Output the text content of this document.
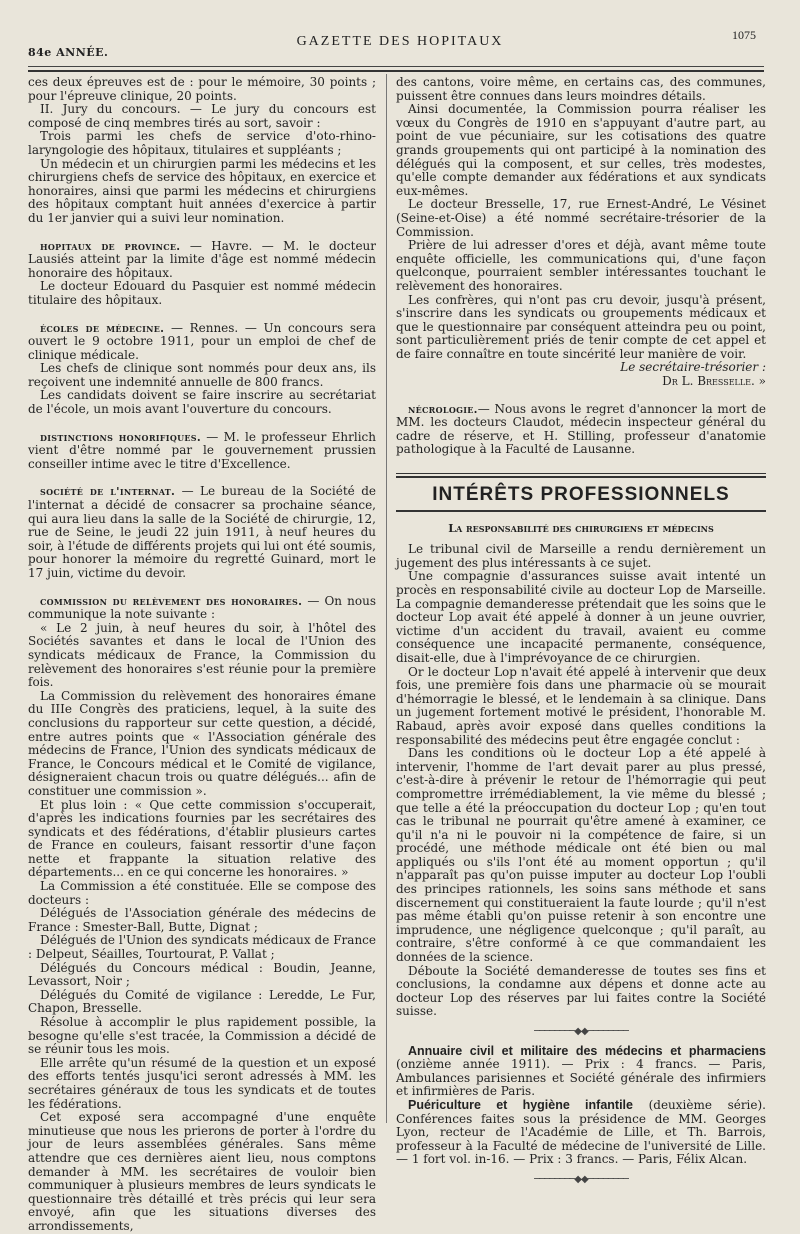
84e ANNÉE.
GAZETTE DES HOPITAUX	1075

ces deux épreuves est de : pour le mémoire, 30 points ; pour l'épreuve clinique, 20 points.

II. Jury du concours. — Le jury du concours est composé de cinq membres tirés au sort, savoir :

Trois parmi les chefs de service d'oto-rhino-laryngologie des hôpitaux, titulaires et suppléants ;

Un médecin et un chirurgien parmi les médecins et les chirurgiens chefs de service des hôpitaux, en exercice et honoraires, ainsi que parmi les médecins et chirurgiens des hôpitaux comptant huit années d'exercice à partir du 1er janvier qui a suivi leur nomination.

hopitaux de province. — Havre. — M. le docteur Lausiés atteint par la limite d'âge est nommé médecin honoraire des hôpitaux.

Le docteur Edouard du Pasquier est nommé médecin titulaire des hôpitaux.

écoles de médecine. — Rennes. — Un concours sera ouvert le 9 octobre 1911, pour un emploi de chef de clinique médicale.

Les chefs de clinique sont nommés pour deux ans, ils reçoivent une indemnité annuelle de 800 francs.

Les candidats doivent se faire inscrire au secrétariat de l'école, un mois avant l'ouverture du concours.

distinctions honorifiques. — M. le professeur Ehrlich vient d'être nommé par le gouvernement prussien conseiller intime avec le titre d'Excellence.

société de l'internat. — Le bureau de la Société de l'internat a décidé de consacrer sa prochaine séance, qui aura lieu dans la salle de la Société de chirurgie, 12, rue de Seine, le jeudi 22 juin 1911, à neuf heures du soir, à l'étude de différents projets qui lui ont été soumis, pour honorer la mémoire du regretté Guinard, mort le 17 juin, victime du devoir.

commission du relèvement des honoraires. — On nous communique la note suivante :

« Le 2 juin, à neuf heures du soir, à l'hôtel des Sociétés savantes et dans le local de l'Union des syndicats médicaux de France, la Commission du relèvement des honoraires s'est réunie pour la première fois.

La Commission du relèvement des honoraires émane du IIIe Congrès des praticiens, lequel, à la suite des conclusions du rapporteur sur cette question, a décidé, entre autres points que « l'Association générale des médecins de France, l'Union des syndicats médicaux de France, le Concours médical et le Comité de vigilance, désigneraient chacun trois ou quatre délégués... afin de constituer une commission ».

Et plus loin : « Que cette commission s'occuperait, d'après les indications fournies par les secrétaires des syndicats et des fédérations, d'établir plusieurs cartes de France en couleurs, faisant ressortir d'une façon nette et frappante la situation relative des départements... en ce qui concerne les honoraires. »

La Commission a été constituée. Elle se compose des docteurs :

Délégués de l'Association générale des médecins de France : Smester-Ball, Butte, Dignat ;

Délégués de l'Union des syndicats médicaux de France : Delpeut, Séailles, Tourtourat, P. Vallat ;

Délégués du Concours médical : Boudin, Jeanne, Levassort, Noir ;

Délégués du Comité de vigilance : Leredde, Le Fur, Chapon, Bresselle.

Résolue à accomplir le plus rapidement possible, la besogne qu'elle s'est tracée, la Commission a décidé de se réunir tous les mois.

Elle arrête qu'un résumé de la question et un exposé des efforts tentés jusqu'ici seront adressés à MM. les secrétaires généraux de tous les syndicats et de toutes les fédérations.

Cet exposé sera accompagné d'une enquête minutieuse que nous les prierons de porter à l'ordre du jour de leurs assemblées générales. Sans même attendre que ces dernières aient lieu, nous comptons demander à MM. les secrétaires de vouloir bien communiquer à plusieurs membres de leurs syndicats le questionnaire très détaillé et très précis qui leur sera envoyé, afin que les situations diverses des arrondissements,

des cantons, voire même, en certains cas, des communes, puissent être connues dans leurs moindres détails.

Ainsi documentée, la Commission pourra réaliser les vœux du Congrès de 1910 en s'appuyant d'autre part, au point de vue pécuniaire, sur les cotisations des quatre grands groupements qui ont participé à la nomination des délégués qui la composent, et sur celles, très modestes, qu'elle compte demander aux fédérations et aux syndicats eux-mêmes.

Le docteur Bresselle, 17, rue Ernest-André, Le Vésinet (Seine-et-Oise) a été nommé secrétaire-trésorier de la Commission.

Prière de lui adresser d'ores et déjà, avant même toute enquête officielle, les communications qui, d'une façon quelconque, pourraient sembler intéressantes touchant le relèvement des honoraires.

Les confrères, qui n'ont pas cru devoir, jusqu'à présent, s'inscrire dans les syndicats ou groupements médicaux et que le questionnaire par conséquent atteindra peu ou point, sont particulièrement priés de tenir compte de cet appel et de faire connaître en toute sincérité leur manière de voir.

Le secrétaire-trésorier :

Dr L. Bresselle. »

nécrologie.— Nous avons le regret d'annoncer la mort de MM. les docteurs Claudot, médecin inspecteur général du cadre de réserve, et H. Stilling, professeur d'anatomie pathologique à la Faculté de Lausanne.

INTÉRÊTS PROFESSIONNELS
La responsabilité des chirurgiens et médecins

Le tribunal civil de Marseille a rendu dernièrement un jugement des plus intéressants à ce sujet.

Une compagnie d'assurances suisse avait intenté un procès en responsabilité civile au docteur Lop de Marseille. La compagnie demanderesse prétendait que les soins que le docteur Lop avait été appelé à donner à un jeune ouvrier, victime d'un accident du travail, avaient eu comme conséquence une incapacité permanente, conséquence, disait-elle, due à l'imprévoyance de ce chirurgien.

Or le docteur Lop n'avait été appelé à intervenir que deux fois, une première fois dans une pharmacie où se mourait d'hémorragie le blessé, et le lendemain à sa clinique. Dans un jugement fortement motivé le président, l'honorable M. Rabaud, après avoir exposé dans quelles conditions la responsabilité des médecins peut être engagée conclut :

Dans les conditions où le docteur Lop a été appelé à intervenir, l'homme de l'art devait parer au plus pressé, c'est-à-dire à prévenir le retour de l'hémorragie qui peut compromettre irrémédiablement, la vie même du blessé ; que telle a été la préoccupation du docteur Lop ; qu'en tout cas le tribunal ne pourrait qu'être amené à examiner, ce qu'il n'a ni le pouvoir ni la compétence de faire, si un procédé, une méthode médicale ont été bien ou mal appliqués ou s'ils l'ont été au moment opportun ; qu'il n'apparaît pas qu'on puisse imputer au docteur Lop l'oubli des principes rationnels, les soins sans méthode et sans discernement qui constitueraient la faute lourde ; qu'il n'est pas même établi qu'on puisse retenir à son encontre une imprudence, une négligence quelconque ; qu'il paraît, au contraire, s'être conformé à ce que commandaient les données de la science.

Déboute la Société demanderesse de toutes ses fins et conclusions, la condamne aux dépens et donne acte au docteur Lop des réserves par lui faites contre la Société suisse.

────────◆◆────────

Annuaire civil et militaire des médecins et pharmaciens (onzième année 1911). — Prix : 4 francs. — Paris, Ambulances parisiennes et Société générale des infirmiers et infirmières de Paris.

Puériculture et hygiène infantile (deuxième série). Conférences faites sous la présidence de MM. Georges Lyon, recteur de l'Académie de Lille, et Th. Barrois, professeur à la Faculté de médecine de l'université de Lille. — 1 fort vol. in-16. — Prix : 3 francs. — Paris, Félix Alcan.

────────◆◆────────
